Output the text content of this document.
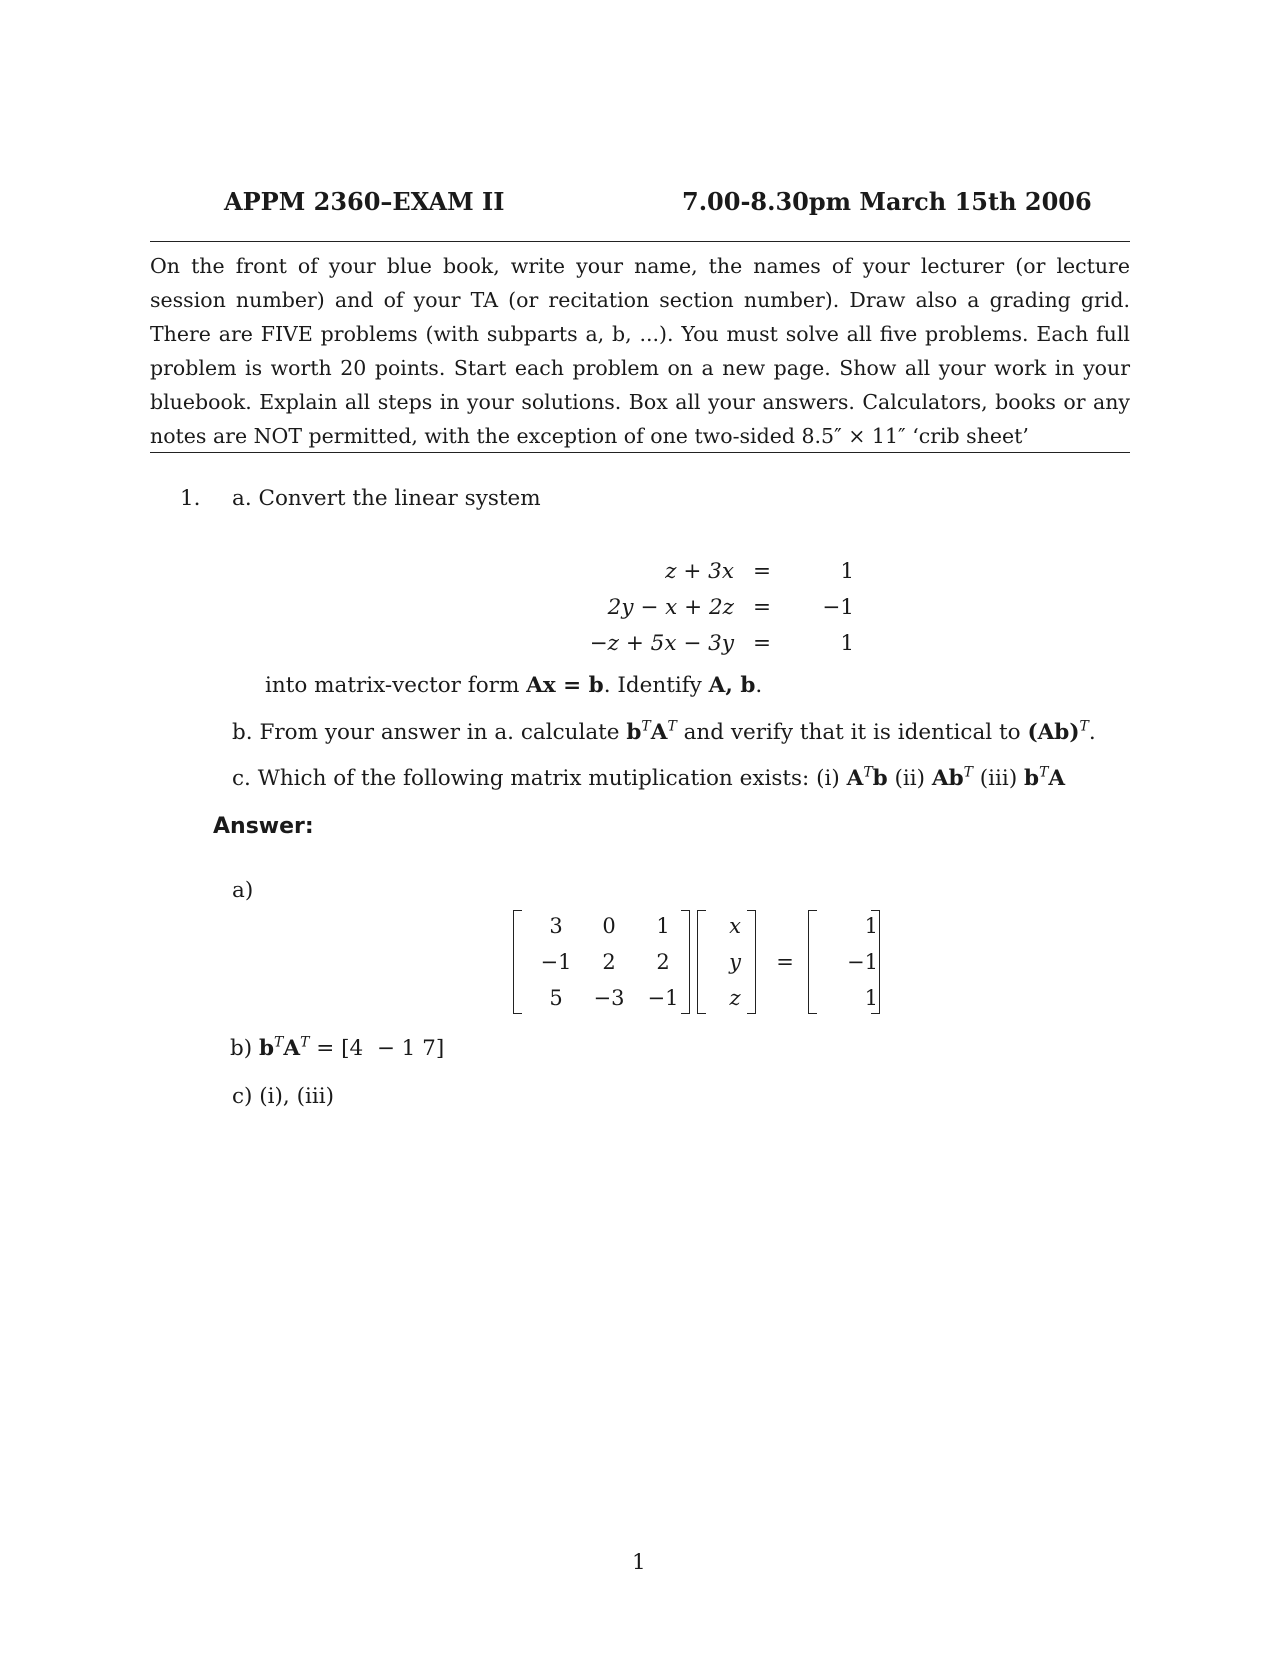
APPM 2360–EXAM II	7.00-8.30pm March 15th 2006
On the front of your blue book, write your name, the names of your lecturer (or lecture session number) and of your TA (or recitation section number). Draw also a grading grid. There are FIVE problems (with subparts a, b, ...). You must solve all five problems. Each full problem is worth 20 points. Start each problem on a new page. Show all your work in your bluebook. Explain all steps in your solutions. Box all your answers. Calculators, books or any notes are NOT permitted, with the exception of one two-sided 8.5″ × 11″ ‘crib sheet’
1. a. Convert the linear system
z + 3x	=	1
2y − x + 2z	=	−1
−z + 5x − 3y	=	1
into matrix-vector form Ax = b. Identify A, b.
b. From your answer in a. calculate $b^TA^T$ and verify that it is identical to $(Ab)^T$.
c. Which of the following matrix mutiplication exists: (i) $A^Tb$ (ii) $Ab^T$ (iii) $b^TA$
Answer:
a)
3	0	1
−1	2	2
5	−3	−1
x
y
z
=
1
−1
1
b) $b^TA^T = [4 - 1$ 7]
c) (i), (iii)
1
